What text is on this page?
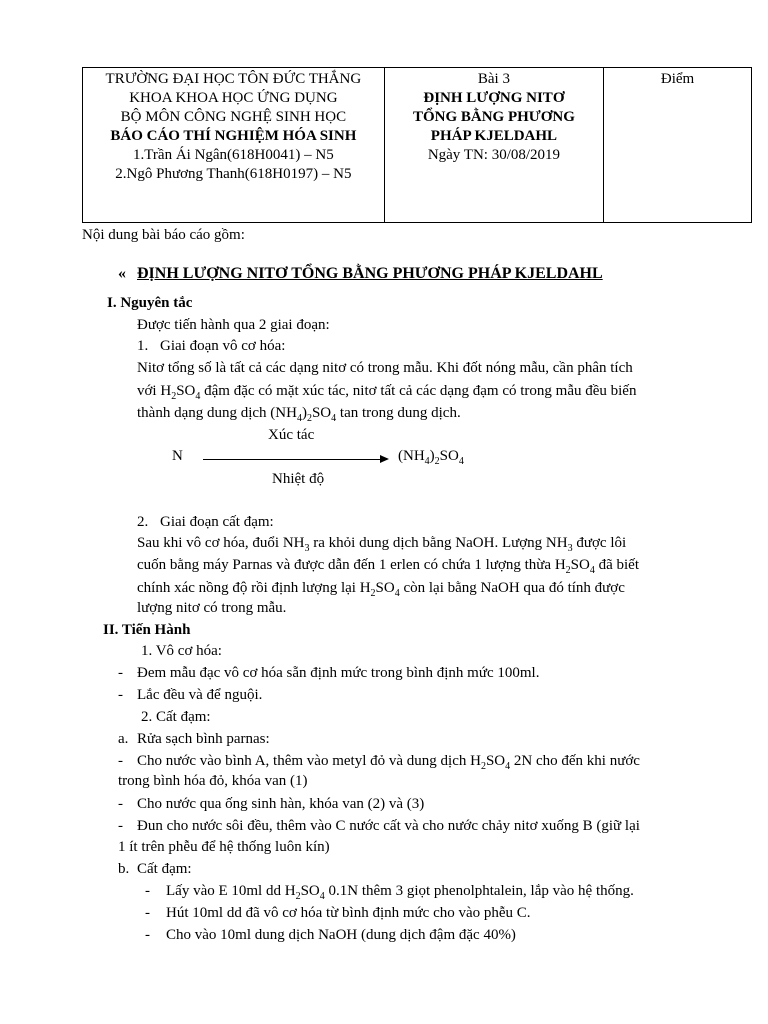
TRƯỜNG ĐẠI HỌC TÔN ĐỨC THẮNG
KHOA KHOA HỌC ỨNG DỤNG
BỘ MÔN CÔNG NGHỆ SINH HỌC
BÁO CÁO THÍ NGHIỆM HÓA SINH
1.Trần Ái Ngân(618H0041) – N5
2.Ngô Phương Thanh(618H0197) – N5

Bài 3
ĐỊNH LƯỢNG NITƠ
TỔNG BẰNG PHƯƠNG
PHÁP KJELDAHL
Ngày TN: 30/08/2019

Điểm
Nội dung bài báo cáo gồm:
« ĐỊNH LƯỢNG NITƠ TỔNG BẰNG PHƯƠNG PHÁP KJELDAHL
I. Nguyên tắc
Được tiến hành qua 2 giai đoạn:
1. Giai đoạn vô cơ hóa:
Nitơ tổng số là tất cả các dạng nitơ có trong mẫu. Khi đốt nóng mẫu, cần phân tích
với $H_2SO_4$ đậm đặc có mặt xúc tác, nitơ tất cả các dạng đạm có trong mẫu đều biến
thành dạng dung dịch $(NH_4)_2SO_4$ tan trong dung dịch.
Xúc tác
N	$(NH_4)_2SO_4$
Nhiệt độ
2. Giai đoạn cất đạm:
Sau khi vô cơ hóa, đuổi $NH_3$ ra khỏi dung dịch bằng NaOH. Lượng $NH_3$ được lôi
cuốn bằng máy Parnas và được dẫn đến 1 erlen có chứa 1 lượng thừa $H_2SO_4$ đã biết
chính xác nồng độ rồi định lượng lại $H_2SO_4$ còn lại bằng NaOH qua đó tính được
lượng nitơ có trong mẫu.
II. Tiến Hành
1. Vô cơ hóa:
- Đem mẫu đạc vô cơ hóa sẵn định mức trong bình định mức 100ml.
- Lắc đều và để nguội.
2. Cất đạm:
a. Rửa sạch bình parnas:
- Cho nước vào bình A, thêm vào metyl đỏ và dung dịch $H_2SO_4$ 2N cho đến khi nước
trong bình hóa đỏ, khóa van (1)
- Cho nước qua ống sinh hàn, khóa van (2) và (3)
- Đun cho nước sôi đều, thêm vào C nước cất và cho nước chảy nitơ xuống B (giữ lại
1 ít trên phễu để hệ thống luôn kín)
b. Cất đạm:
- Lấy vào E 10ml dd $H_2SO_4$ 0.1N thêm 3 giọt phenolphtalein, lắp vào hệ thống.
- Hút 10ml dd đã vô cơ hóa từ bình định mức cho vào phễu C.
- Cho vào 10ml dung dịch NaOH (dung dịch đậm đặc 40%)
